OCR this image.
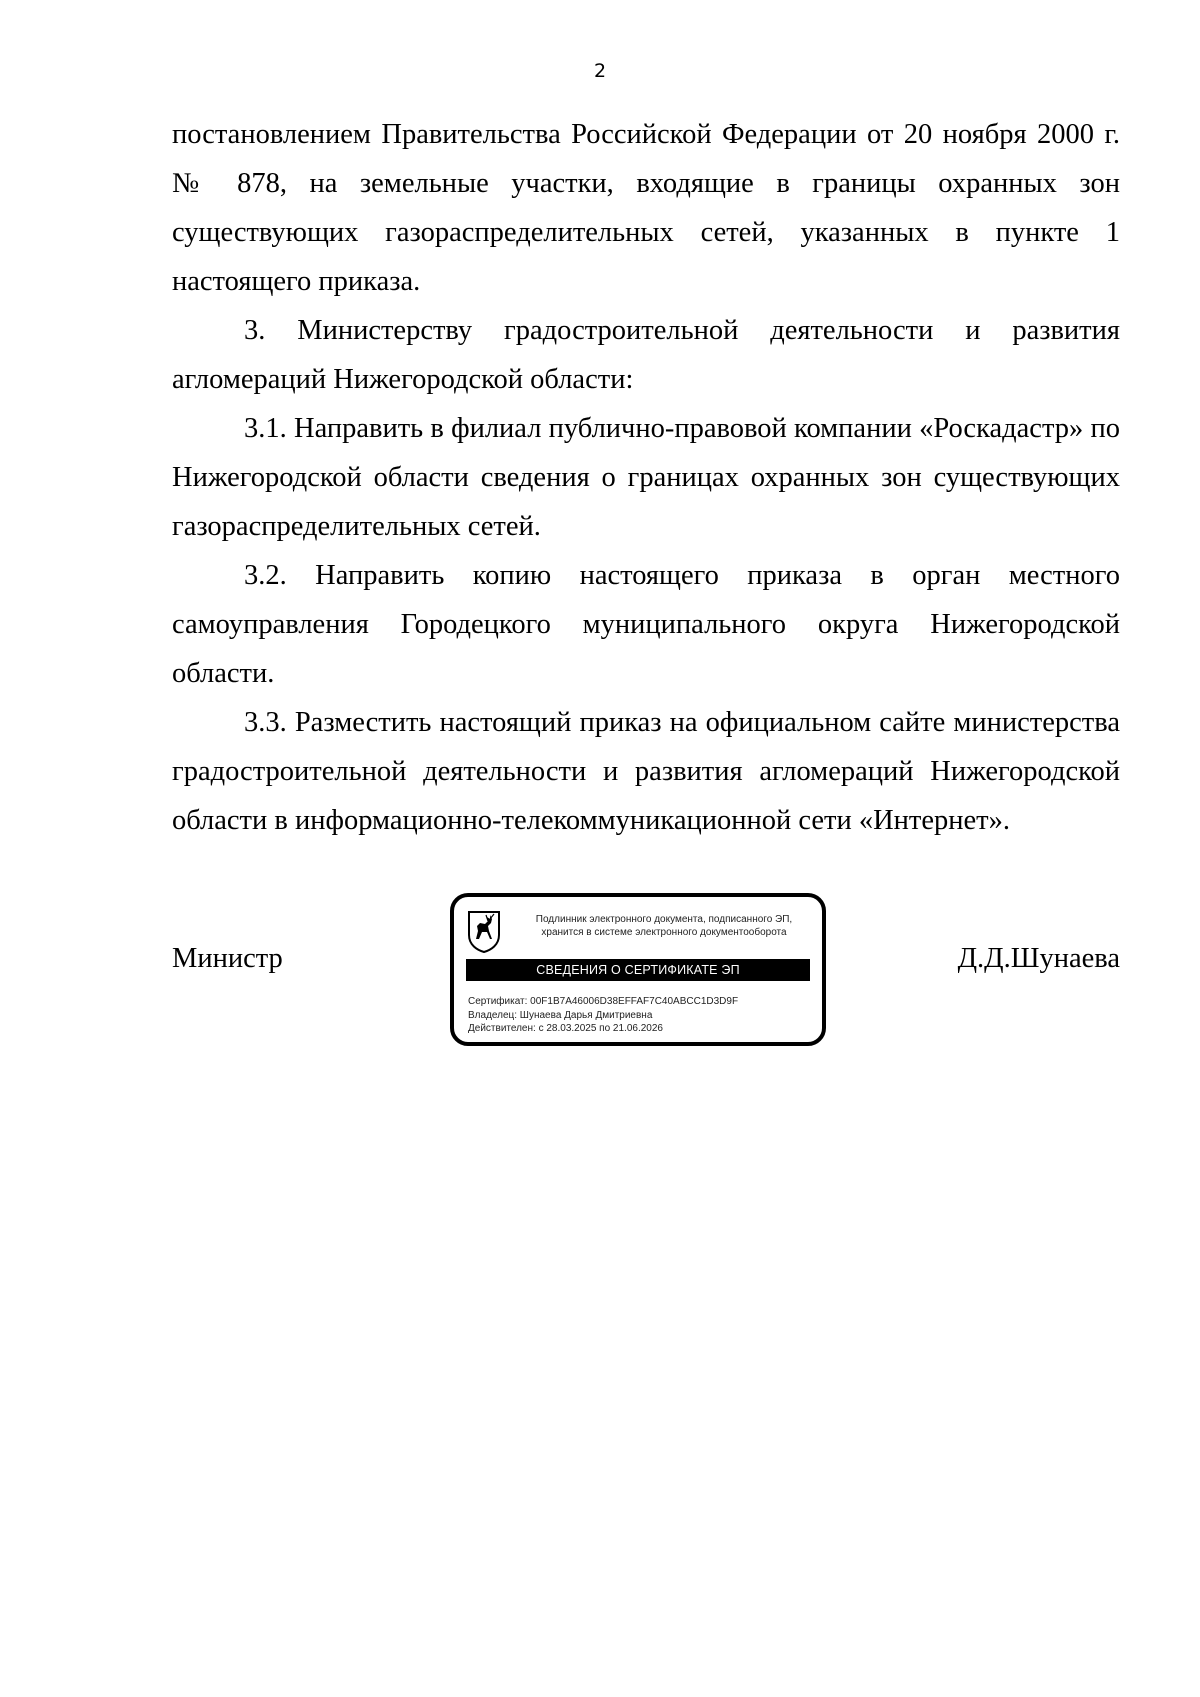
2

постановлением Правительства Российской Федерации от 20 ноября 2000 г. № 878, на земельные участки, входящие в границы охранных зон существующих газораспределительных сетей, указанных в пункте 1 настоящего приказа.

3. Министерству градостроительной деятельности и развития агломераций Нижегородской области:

3.1. Направить в филиал публично-правовой компании «Роскадастр» по Нижегородской области сведения о границах охранных зон существующих газораспределительных сетей.

3.2. Направить копию настоящего приказа в орган местного самоуправления Городецкого муниципального округа Нижегородской области.

3.3. Разместить настоящий приказ на официальном сайте министерства градостроительной деятельности и развития агломераций Нижегородской области в информационно-телекоммуникационной сети «Интернет».

Министр
Подлинник электронного документа, подписанного ЭП,
хранится в системе электронного документооборота
СВЕДЕНИЯ О СЕРТИФИКАТЕ ЭП
Сертификат: 00F1B7A46006D38EFFAF7C40ABCC1D3D9F
Владелец: Шунаева Дарья Дмитриевна
Действителен: с 28.03.2025 по 21.06.2026
Д.Д.Шунаева
